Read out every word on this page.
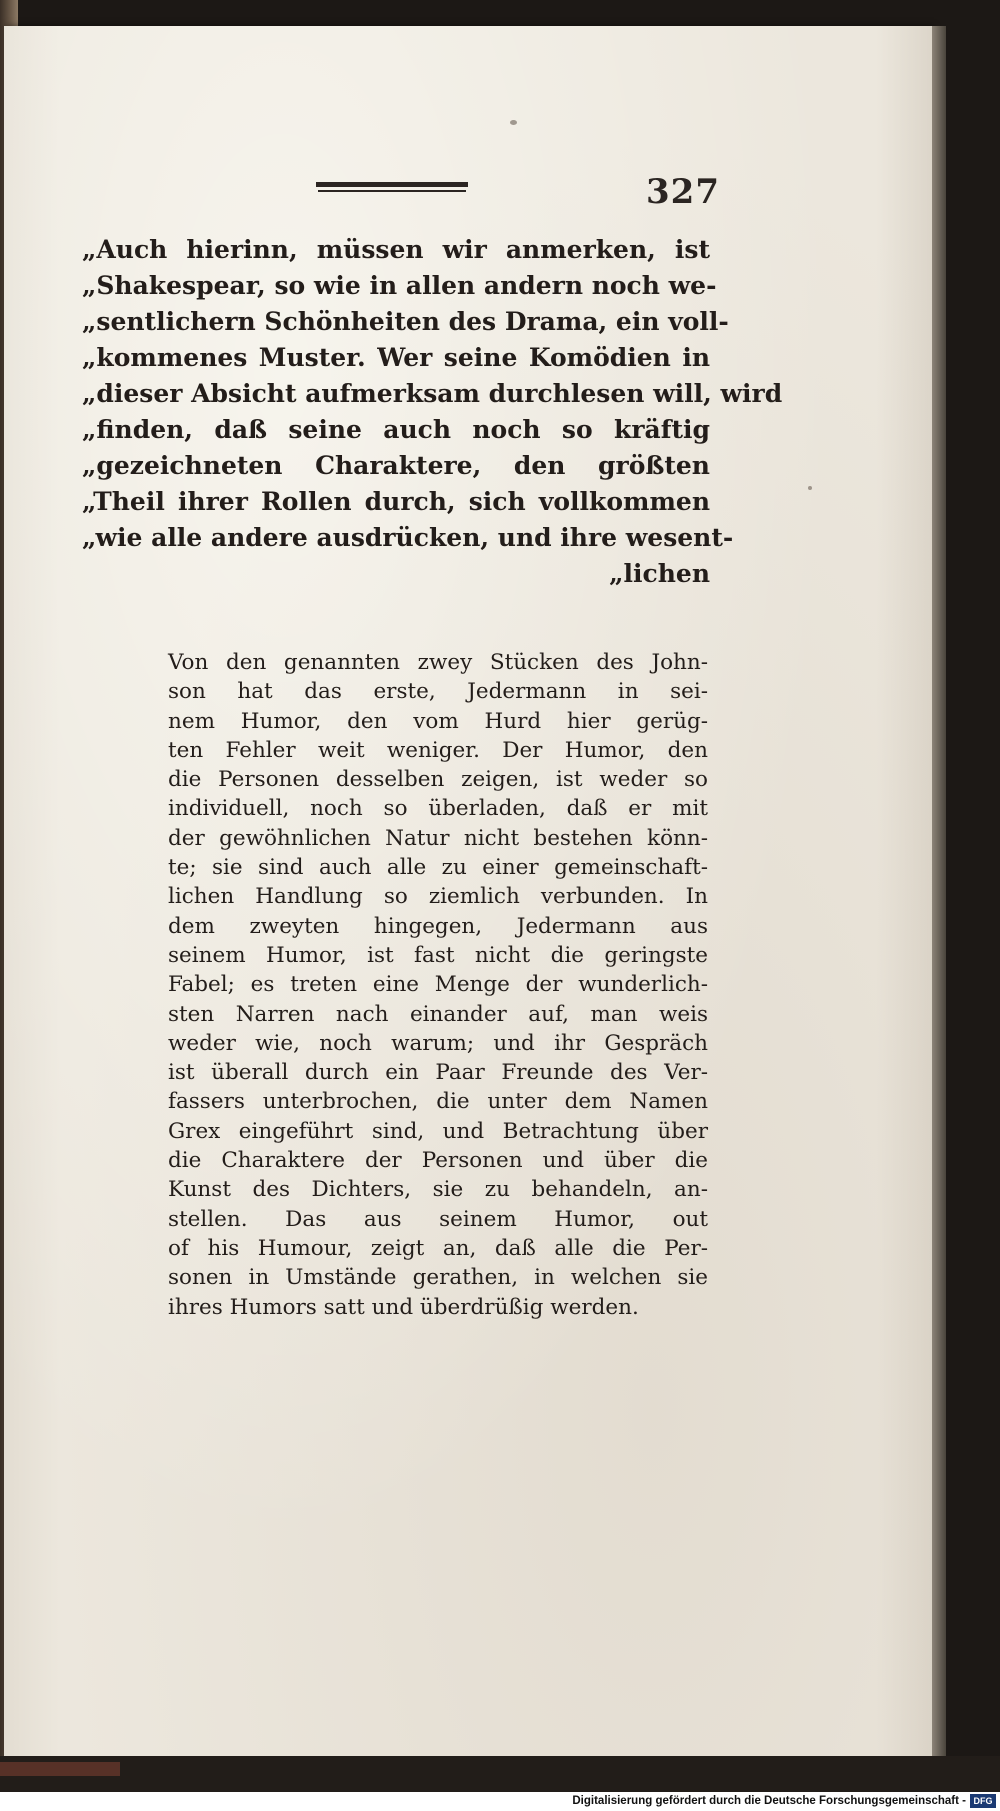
327
„Auch hierinn, müssen wir anmerken, ist
„Shakespear, so wie in allen andern noch we-
„sentlichern Schönheiten des Drama, ein voll-
„kommenes Muster. Wer seine Komödien in
„dieser Absicht aufmerksam durchlesen will, wird
„finden, daß seine auch noch so kräftig
„gezeichneten Charaktere, den größten
„Theil ihrer Rollen durch, sich vollkommen
„wie alle andere ausdrücken, und ihre wesent-
„lichen
Von den genannten zwey Stücken des John-
son hat das erste, Jedermann in sei-
nem Humor, den vom Hurd hier gerüg-
ten Fehler weit weniger. Der Humor, den
die Personen desselben zeigen, ist weder so
individuell, noch so überladen, daß er mit
der gewöhnlichen Natur nicht bestehen könn-
te; sie sind auch alle zu einer gemeinschaft-
lichen Handlung so ziemlich verbunden. In
dem zweyten hingegen, Jedermann aus
seinem Humor, ist fast nicht die geringste
Fabel; es treten eine Menge der wunderlich-
sten Narren nach einander auf, man weis
weder wie, noch warum; und ihr Gespräch
ist überall durch ein Paar Freunde des Ver-
fassers unterbrochen, die unter dem Namen
Grex eingeführt sind, und Betrachtung über
die Charaktere der Personen und über die
Kunst des Dichters, sie zu behandeln, an-
stellen. Das aus seinem Humor, out
of his Humour, zeigt an, daß alle die Per-
sonen in Umstände gerathen, in welchen sie
ihres Humors satt und überdrüßig werden.
Digitalisierung gefördert durch die Deutsche Forschungsgemeinschaft - DFG
